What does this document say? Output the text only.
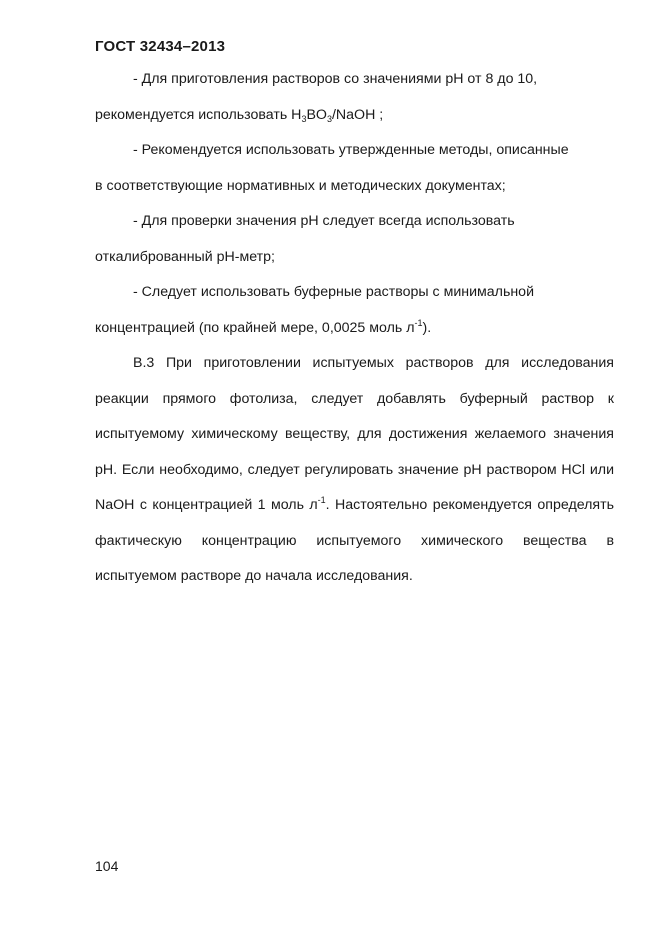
ГОСТ 32434–2013

- Для приготовления растворов со значениями pH от 8 до 10,

рекомендуется использовать $H_3BO_3$/NaOH ;

- Рекомендуется использовать утвержденные методы, описанные

в соответствующие нормативных и методических документах;

- Для проверки значения pH следует всегда использовать

откалиброванный pH-метр;

- Следует использовать буферные растворы с минимальной

концентрацией (по крайней мере, 0,0025 моль $л^{-1}$).

В.3 При приготовлении испытуемых растворов для исследования реакции прямого фотолиза, следует добавлять буферный раствор к испытуемому химическому веществу, для достижения желаемого значения pH. Если необходимо, следует регулировать значение pH раствором HCl или NaOH с концентрацией 1 моль $л^{-1}$. Настоятельно рекомендуется определять фактическую концентрацию испытуемого химического вещества в испытуемом растворе до начала исследования.

104
